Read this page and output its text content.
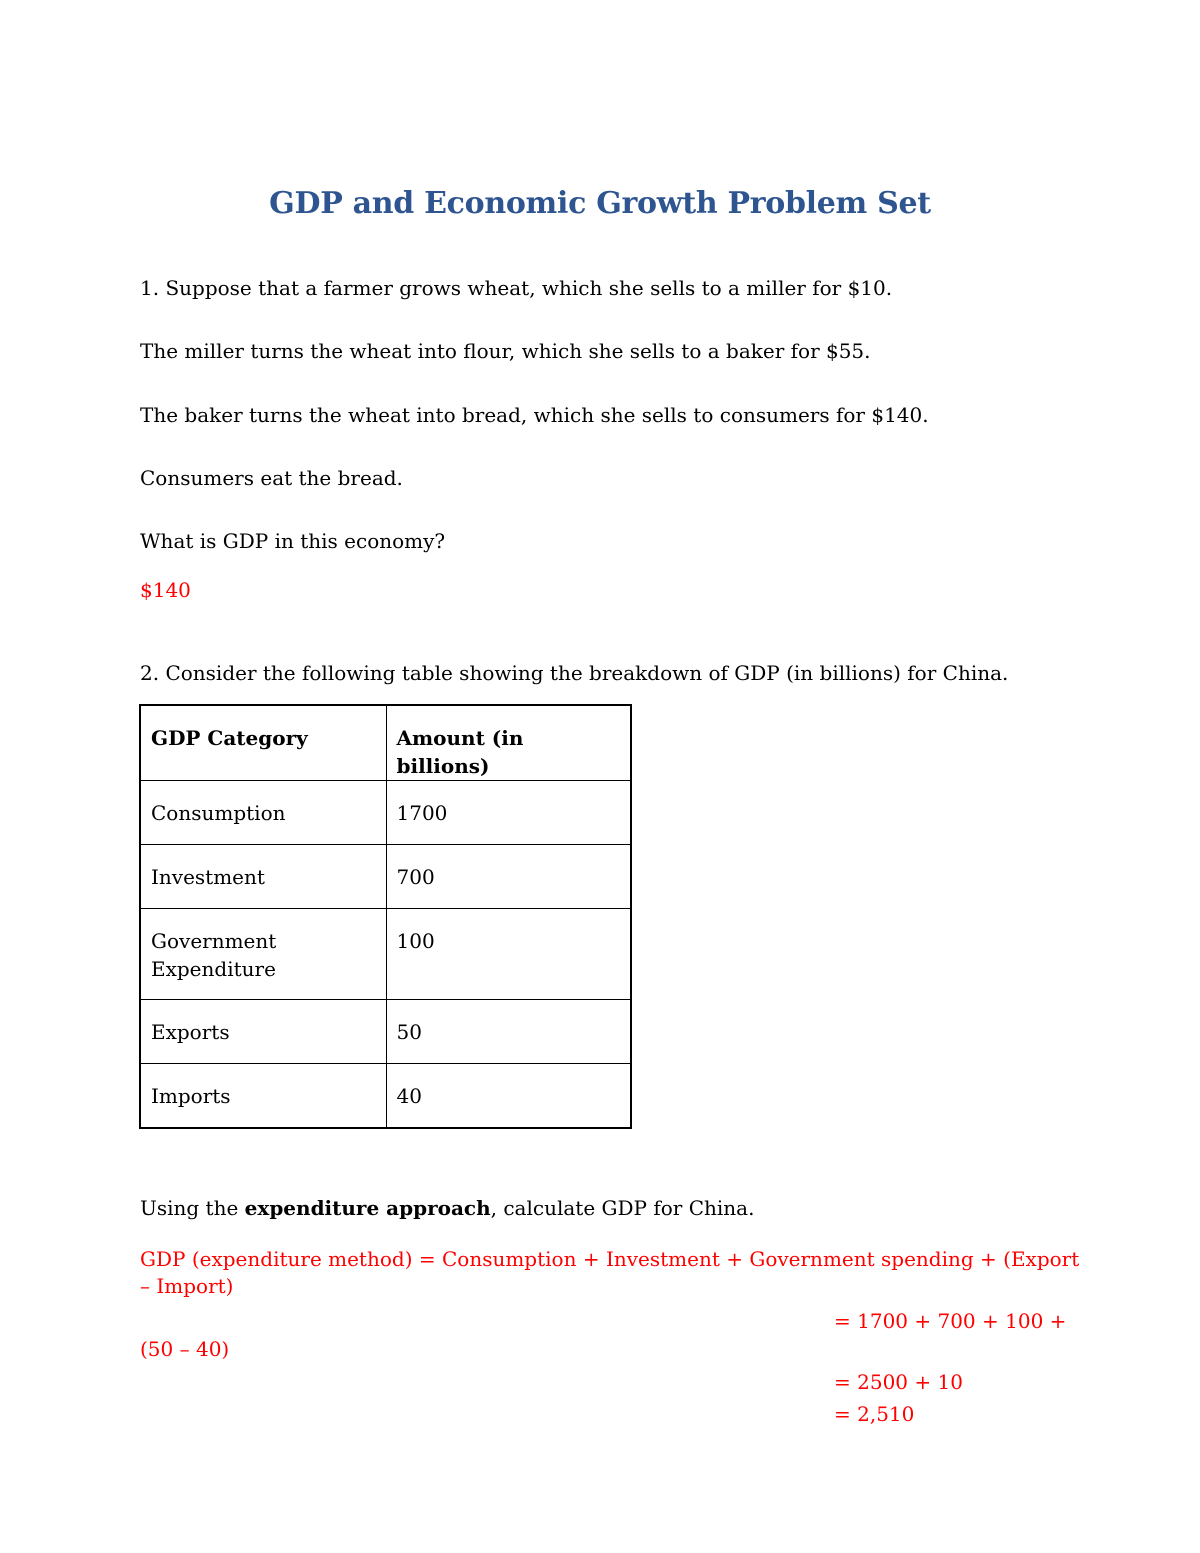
GDP and Economic Growth Problem Set

1. Suppose that a farmer grows wheat, which she sells to a miller for $10.

The miller turns the wheat into flour, which she sells to a baker for $55.

The baker turns the wheat into bread, which she sells to consumers for $140.

Consumers eat the bread.

What is GDP in this economy?

$140

2. Consider the following table showing the breakdown of GDP (in billions) for China.

GDP Category	Amount (in billions)
Consumption	1700
Investment	700
Government
Expenditure	100
Exports	50
Imports	40

Using the expenditure approach, calculate GDP for China.

GDP (expenditure method) = Consumption + Investment + Government spending + (Export

– Import)

= 1700 + 700 + 100 +

(50 – 40)

= 2500 + 10

= 2,510
